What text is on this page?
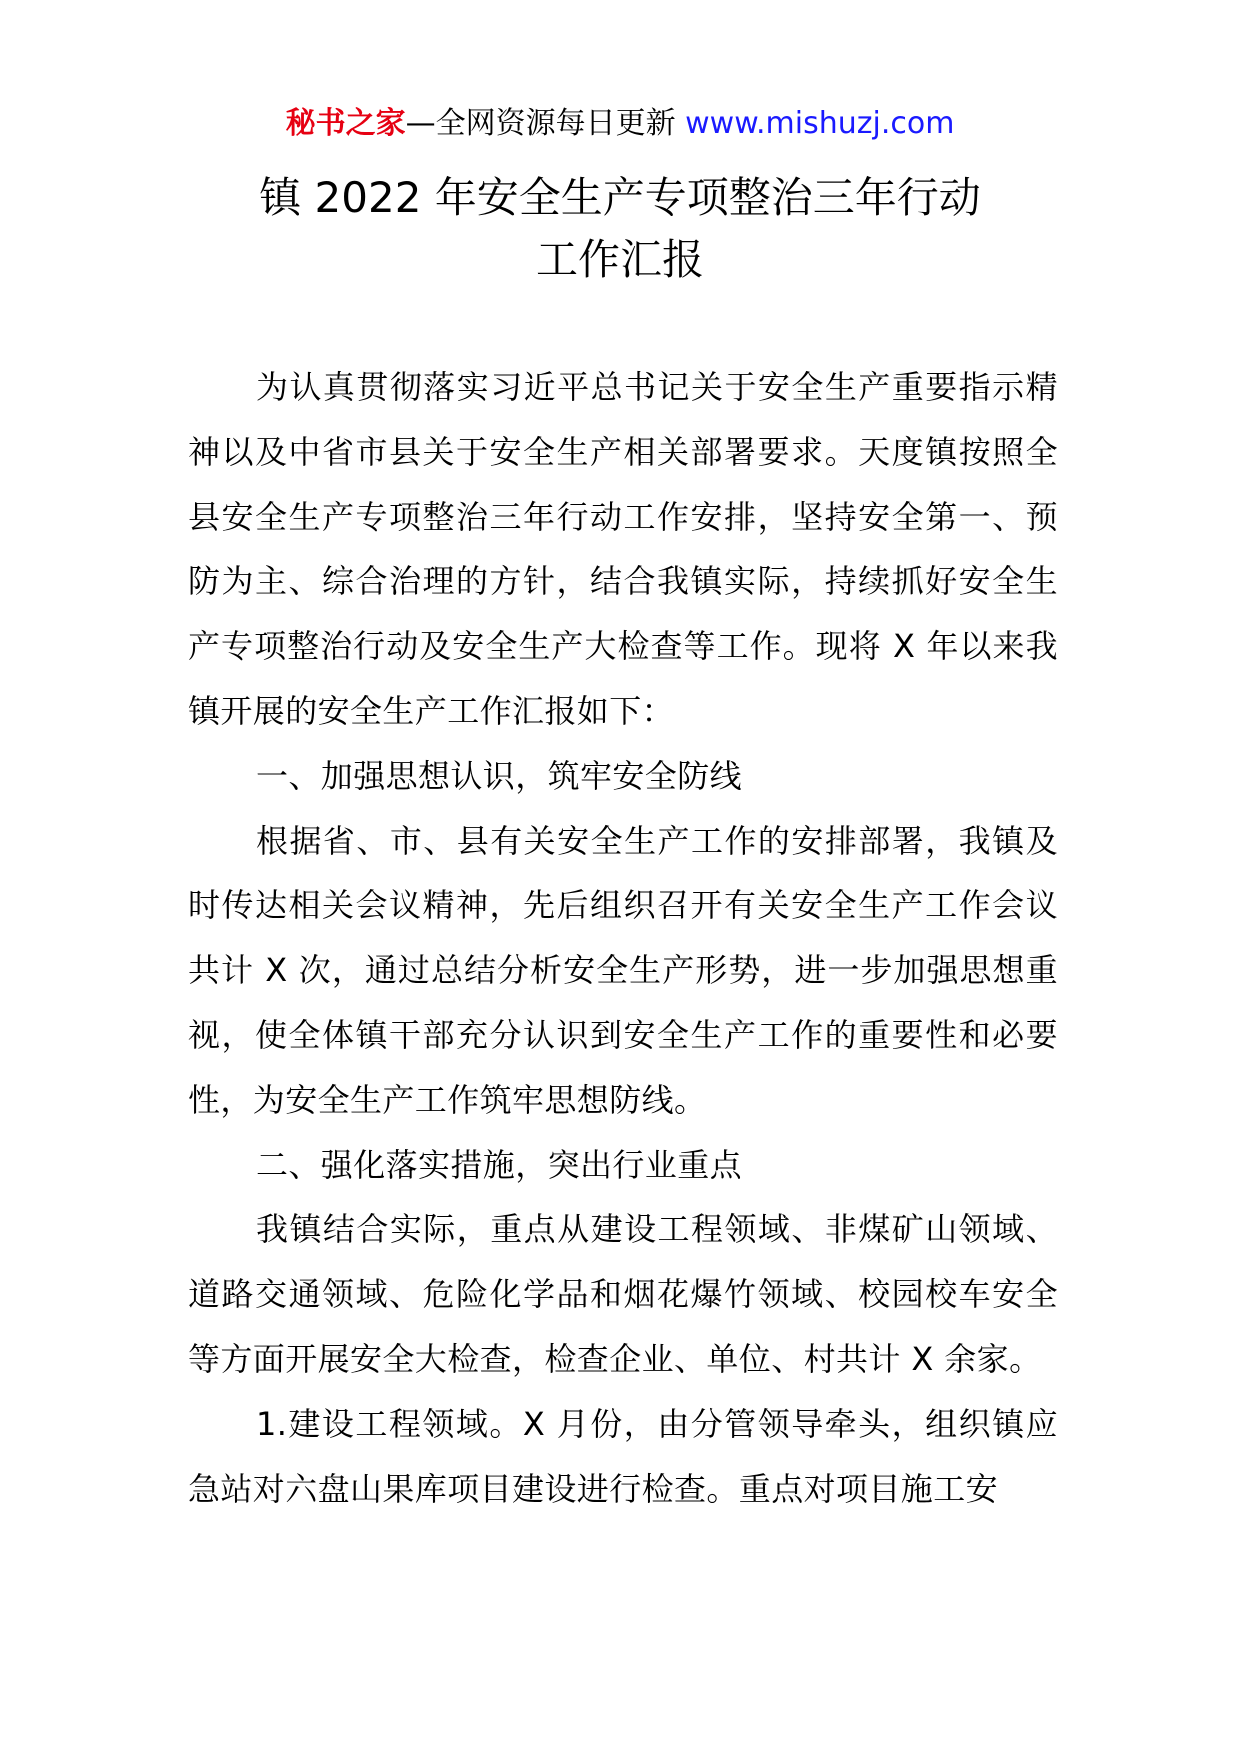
秘书之家—全网资源每日更新 www.mishuzj.com
镇 2022 年安全生产专项整治三年行动
工作汇报

为认真贯彻落实习近平总书记关于安全生产重要指示精神以及中省市县关于安全生产相关部署要求。天度镇按照全县安全生产专项整治三年行动工作安排，坚持安全第一、预防为主、综合治理的方针，结合我镇实际，持续抓好安全生产专项整治行动及安全生产大检查等工作。现将 X 年以来我镇开展的安全生产工作汇报如下：

一、加强思想认识，筑牢安全防线

根据省、市、县有关安全生产工作的安排部署，我镇及时传达相关会议精神，先后组织召开有关安全生产工作会议共计 X 次，通过总结分析安全生产形势，进一步加强思想重视，使全体镇干部充分认识到安全生产工作的重要性和必要性，为安全生产工作筑牢思想防线。

二、强化落实措施，突出行业重点

我镇结合实际，重点从建设工程领域、非煤矿山领域、道路交通领域、危险化学品和烟花爆竹领域、校园校车安全等方面开展安全大检查，检查企业、单位、村共计 X 余家。

1.建设工程领域。X 月份，由分管领导牵头，组织镇应急站对六盘山果库项目建设进行检查。重点对项目施工安
